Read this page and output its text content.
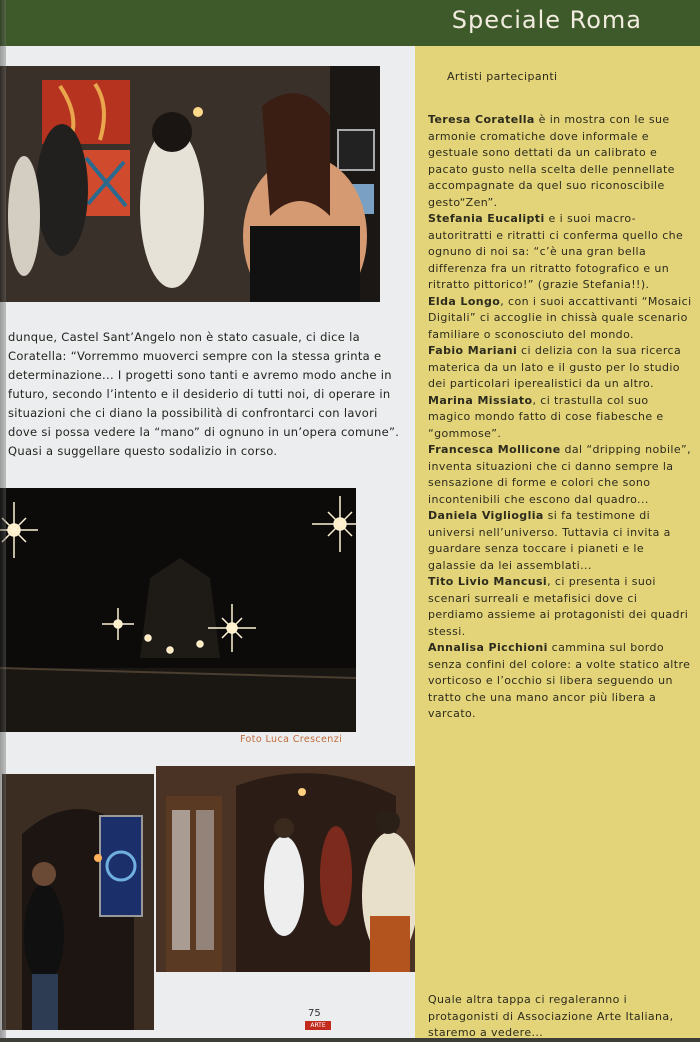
Speciale Roma

dunque, Castel Sant’Angelo non è stato casuale, ci dice la Coratella: “Vorremmo muoverci sempre con la stessa grinta e determinazione... I progetti sono tanti e avremo modo anche in futuro, secondo l’intento e il desiderio di tutti noi, di operare in situazioni che ci diano la possibilità di confrontarci con lavori dove si possa vedere la “mano” di ognuno in un’opera comune”. Quasi a suggellare questo sodalizio in corso.

Foto Luca Crescenzi
75
ARTE
Artisti partecipanti

Teresa Coratella è in mostra con le sue armonie cromatiche dove informale e gestuale sono dettati da un calibrato e pacato gusto nella scelta delle pennellate accompagnate da quel suo riconoscibile gesto“Zen”.

Stefania Eucalipti e i suoi macro-autoritratti e ritratti ci conferma quello che ognuno di noi sa: “c’è una gran bella differenza fra un ritratto fotografico e un ritratto pittorico!” (grazie Stefania!!).

Elda Longo, con i suoi accattivanti “Mosaici Digitali” ci accoglie in chissà quale scenario familiare o sconosciuto del mondo.

Fabio Mariani ci delizia con la sua ricerca materica da un lato e il gusto per lo studio dei particolari iperealistici da un altro.

Marina Missiato, ci trastulla col suo magico mondo fatto di cose fiabesche e “gommose”.

Francesca Mollicone dal “dripping nobile”, inventa situazioni che ci danno sempre la sensazione di forme e colori che sono incontenibili che escono dal quadro...

Daniela Viglioglia si fa testimone di universi nell’universo. Tuttavia ci invita a guardare senza toccare i pianeti e le galassie da lei assemblati...

Tito Livio Mancusi, ci presenta i suoi scenari surreali e metafisici dove ci perdiamo assieme ai protagonisti dei quadri stessi.

Annalisa Picchioni cammina sul bordo senza confini del colore: a volte statico altre vorticoso e l’occhio si libera seguendo un tratto che una mano ancor più libera a varcato.

Quale altra tappa ci regaleranno i protagonisti di Associazione Arte Italiana, staremo a vedere...
